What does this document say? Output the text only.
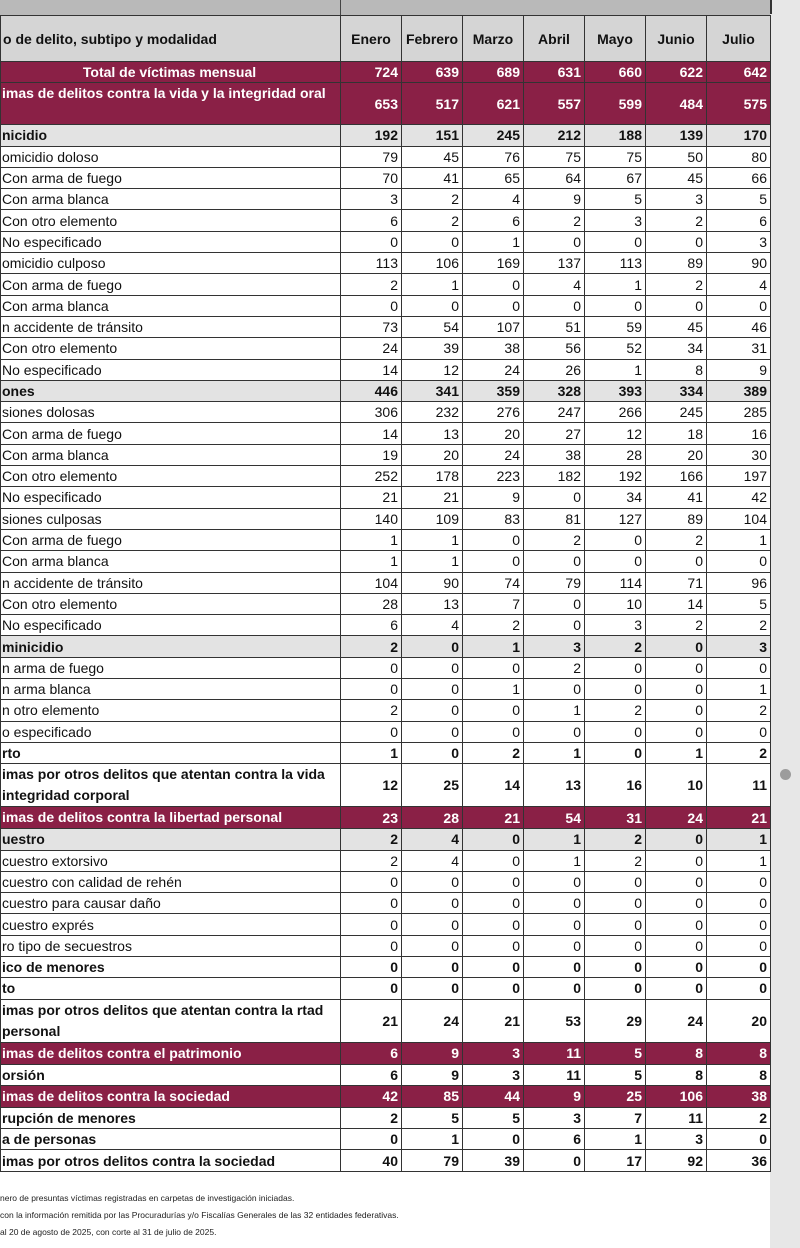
o de delito, subtipo y modalidad	Enero	Febrero	Marzo	Abril	Mayo	Junio	Julio
Total de víctimas mensual	724	639	689	631	660	622	642
imas de delitos contra la vida y la integridad oral	653	517	621	557	599	484	575
nicidio	192	151	245	212	188	139	170
omicidio doloso	79	45	76	75	75	50	80
Con arma de fuego	70	41	65	64	67	45	66
Con arma blanca	3	2	4	9	5	3	5
Con otro elemento	6	2	6	2	3	2	6
No especificado	0	0	1	0	0	0	3
omicidio culposo	113	106	169	137	113	89	90
Con arma de fuego	2	1	0	4	1	2	4
Con arma blanca	0	0	0	0	0	0	0
n accidente de tránsito	73	54	107	51	59	45	46
Con otro elemento	24	39	38	56	52	34	31
No especificado	14	12	24	26	1	8	9
ones	446	341	359	328	393	334	389
siones dolosas	306	232	276	247	266	245	285
Con arma de fuego	14	13	20	27	12	18	16
Con arma blanca	19	20	24	38	28	20	30
Con otro elemento	252	178	223	182	192	166	197
No especificado	21	21	9	0	34	41	42
siones culposas	140	109	83	81	127	89	104
Con arma de fuego	1	1	0	2	0	2	1
Con arma blanca	1	1	0	0	0	0	0
n accidente de tránsito	104	90	74	79	114	71	96
Con otro elemento	28	13	7	0	10	14	5
No especificado	6	4	2	0	3	2	2
minicidio	2	0	1	3	2	0	3
n arma de fuego	0	0	0	2	0	0	0
n arma blanca	0	0	1	0	0	0	1
n otro elemento	2	0	0	1	2	0	2
o especificado	0	0	0	0	0	0	0
rto	1	0	2	1	0	1	2
imas por otros delitos que atentan contra la vida integridad corporal	12	25	14	13	16	10	11
imas de delitos contra la libertad personal	23	28	21	54	31	24	21
uestro	2	4	0	1	2	0	1
cuestro extorsivo	2	4	0	1	2	0	1
cuestro con calidad de rehén	0	0	0	0	0	0	0
cuestro para causar daño	0	0	0	0	0	0	0
cuestro exprés	0	0	0	0	0	0	0
ro tipo de secuestros	0	0	0	0	0	0	0
ico de menores	0	0	0	0	0	0	0
to	0	0	0	0	0	0	0
imas por otros delitos que atentan contra la rtad personal	21	24	21	53	29	24	20
imas de delitos contra el patrimonio	6	9	3	11	5	8	8
orsión	6	9	3	11	5	8	8
imas de delitos contra la sociedad	42	85	44	9	25	106	38
rupción de menores	2	5	5	3	7	11	2
a de personas	0	1	0	6	1	3	0
imas por otros delitos contra la sociedad	40	79	39	0	17	92	36
nero de presuntas víctimas registradas en carpetas de investigación iniciadas.
con la información remitida por las Procuradurías y/o Fiscalías Generales de las 32 entidades federativas.
al 20 de agosto de 2025, con corte al 31 de julio de 2025.
